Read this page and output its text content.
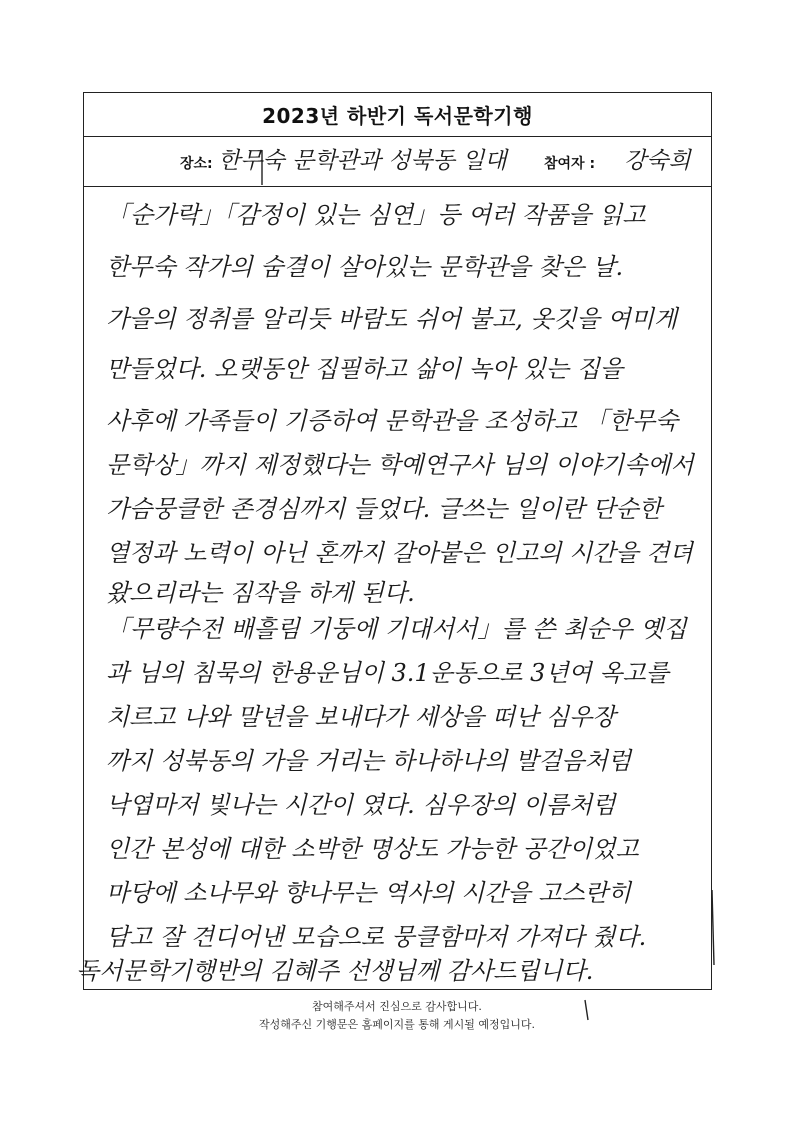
2023년 하반기 독서문학기행
장소: 한무숙 문학관과 성북동 일대	참여자 : 강숙희
「순가락」「감정이 있는 심연」등 여러 작품을 읽고
한무숙 작가의 숨결이 살아있는 문학관을 찾은 날.
가을의 정취를 알리듯 바람도 쉬어 불고, 옷깃을 여미게
만들었다. 오랫동안 집필하고 삶이 녹아 있는 집을
사후에 가족들이 기증하여 문학관을 조성하고 「한무숙
문학상」까지 제정했다는 학예연구사 님의 이야기속에서
가슴뭉클한 존경심까지 들었다. 글쓰는 일이란 단순한
열정과 노력이 아닌 혼까지 갈아붙은 인고의 시간을 견뎌
왔으리라는 짐작을 하게 된다.
「무량수전 배흘림 기둥에 기대서서」를 쓴 최순우 옛집
과 님의 침묵의 한용운님이 3.1운동으로 3년여 옥고를
치르고 나와 말년을 보내다가 세상을 떠난 심우장
까지 성북동의 가을 거리는 하나하나의 발걸음처럼
낙엽마저 빛나는 시간이 였다. 심우장의 이름처럼
인간 본성에 대한 소박한 명상도 가능한 공간이었고
마당에 소나무와 향나무는 역사의 시간을 고스란히
담고 잘 견디어낸 모습으로 뭉클함마저 가져다 줬다.
독서문학기행반의 김혜주 선생님께 감사드립니다.
참여해주셔서 진심으로 감사합니다.
작성해주신 기행문은 홈페이지를 통해 게시될 예정입니다.
